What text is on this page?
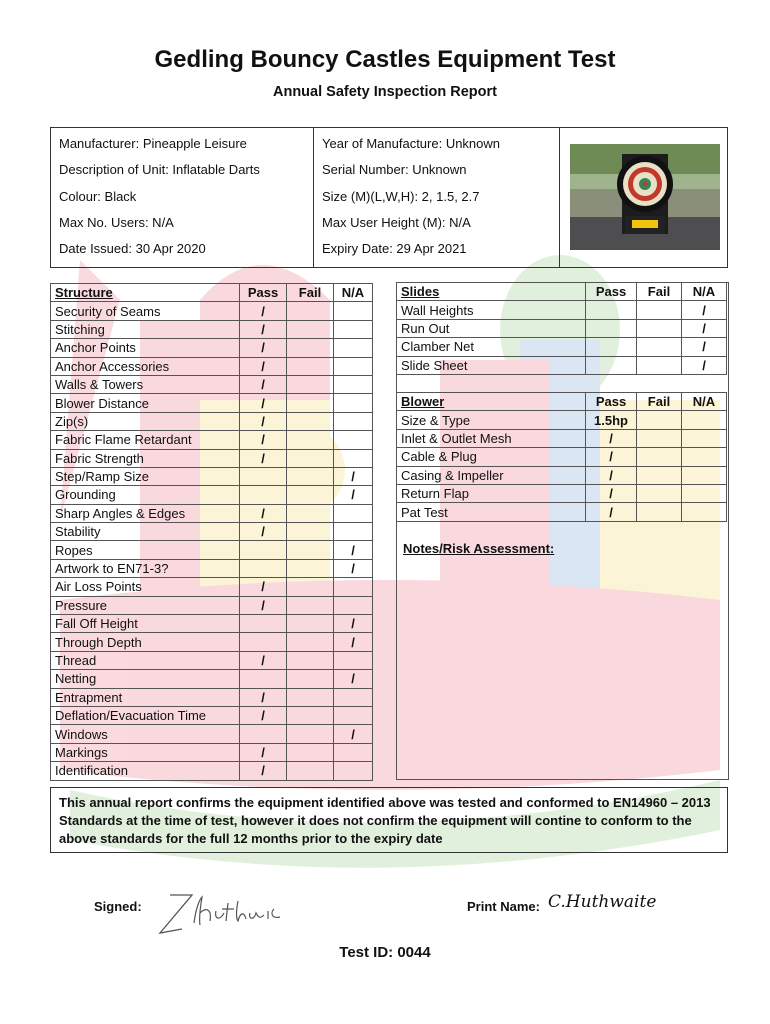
Gedling Bouncy Castles Equipment Test
Annual Safety Inspection Report
Manufacturer: Pineapple Leisure
Description of Unit: Inflatable Darts
Colour: Black
Max No. Users: N/A
Date Issued: 30 Apr 2020
Year of Manufacture: Unknown
Serial Number: Unknown
Size (M)(L,W,H): 2, 1.5, 2.7
Max User Height (M): N/A
Expiry Date: 29 Apr 2021
Structure	Pass	Fail	N/A
Security of Seams	/		
Stitching	/		
Anchor Points	/		
Anchor Accessories	/		
Walls & Towers	/		
Blower Distance	/		
Zip(s)	/		
Fabric Flame Retardant	/		
Fabric Strength	/		
Step/Ramp Size			/
Grounding			/
Sharp Angles & Edges	/		
Stability	/		
Ropes			/
Artwork to EN71-3?			/
Air Loss Points	/		
Pressure	/		
Fall Off Height			/
Through Depth			/
Thread	/		
Netting			/
Entrapment	/		
Deflation/Evacuation Time	/		
Windows			/
Markings	/		
Identification	/		
Slides	Pass	Fail	N/A
Wall Heights			/
Run Out			/
Clamber Net			/
Slide Sheet			/
Blower	Pass	Fail	N/A
Size & Type	1.5hp		
Inlet & Outlet Mesh	/		
Cable & Plug	/		
Casing & Impeller	/		
Return Flap	/		
Pat Test	/		
Notes/Risk Assessment:
This annual report confirms the equipment identified above was tested and conformed to EN14960 – 2013 Standards at the time of test, however it does not confirm the equipment will contine to conform to the above standards for the full 12 months prior to the expiry date
Signed:	Print Name: C.Huthwaite
Test ID: 0044
